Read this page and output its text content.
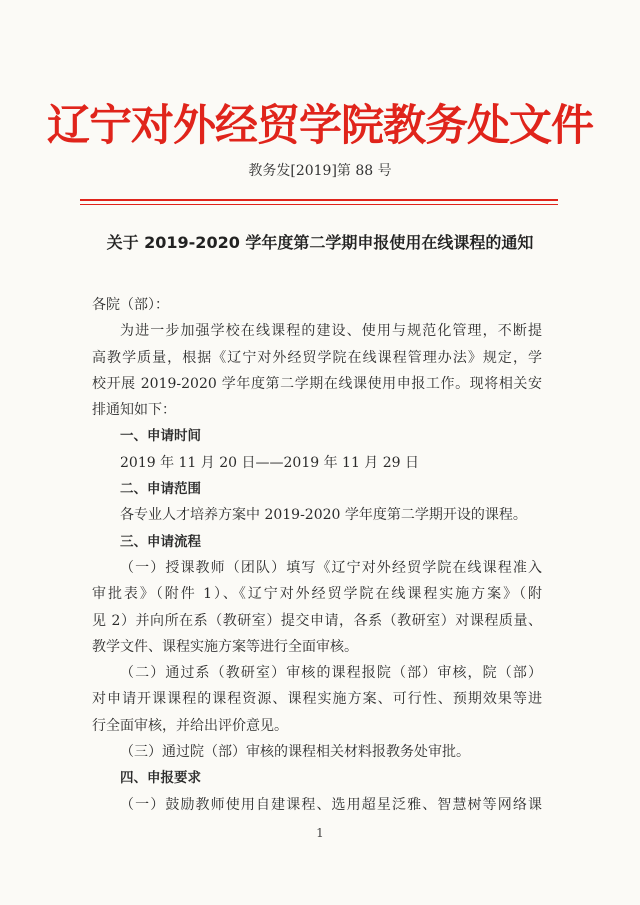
辽宁对外经贸学院教务处文件
教务发[2019]第 88 号
关于 2019-2020 学年度第二学期申报使用在线课程的通知

各院（部）：

为进一步加强学校在线课程的建设、使用与规范化管理，不断提

高教学质量，根据《辽宁对外经贸学院在线课程管理办法》规定，学

校开展 2019-2020 学年度第二学期在线课使用申报工作。现将相关安

排通知如下：

一、申请时间

2019 年 11 月 20 日——2019 年 11 月 29 日

二、申请范围

各专业人才培养方案中 2019-2020 学年度第二学期开设的课程。

三、申请流程

（一）授课教师（团队）填写《辽宁对外经贸学院在线课程准入

审批表》（附件 1）、《辽宁对外经贸学院在线课程实施方案》（附

见 2）并向所在系（教研室）提交申请，各系（教研室）对课程质量、

教学文件、课程实施方案等进行全面审核。

（二）通过系（教研室）审核的课程报院（部）审核，院（部）

对申请开课课程的课程资源、课程实施方案、可行性、预期效果等进

行全面审核，并给出评价意见。

（三）通过院（部）审核的课程相关材料报教务处审批。

四、申报要求

（一）鼓励教师使用自建课程、选用超星泛雅、智慧树等网络课

1
